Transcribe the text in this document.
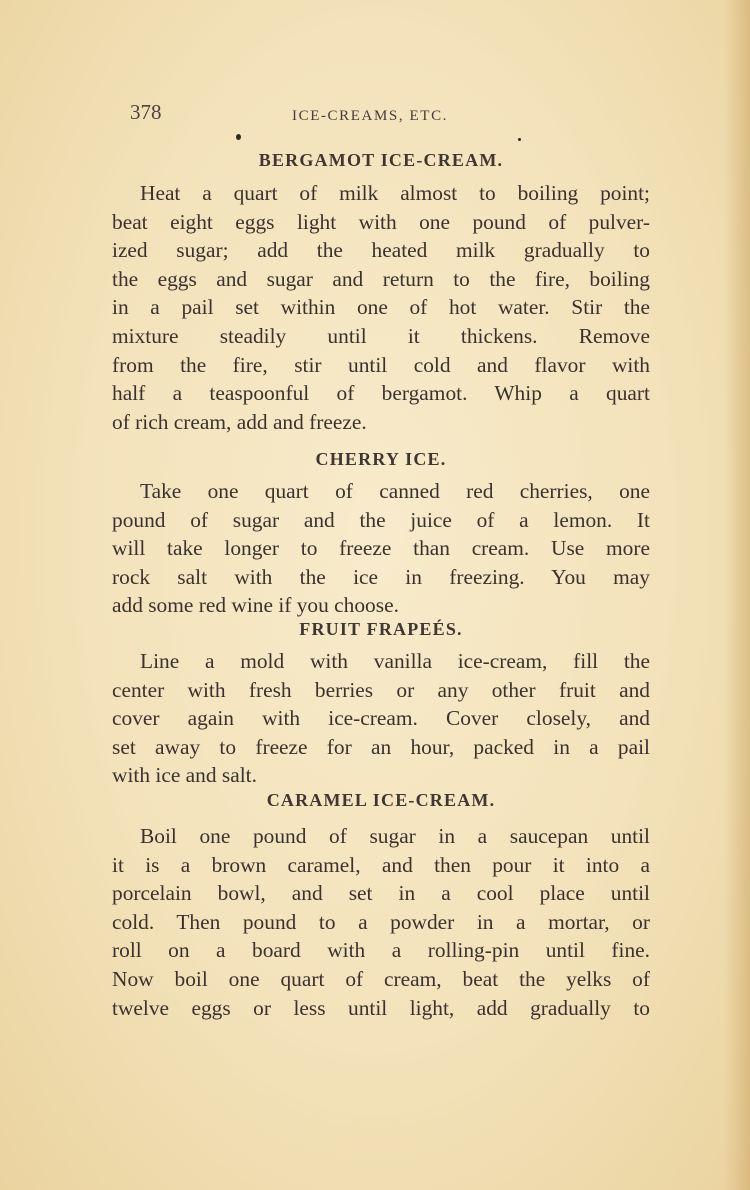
378	ICE-CREAMS, ETC.
BERGAMOT ICE-CREAM.
Heat a quart of milk almost to boiling point;
beat eight eggs light with one pound of pulver-
ized sugar; add the heated milk gradually to
the eggs and sugar and return to the fire, boiling
in a pail set within one of hot water. Stir the
mixture steadily until it thickens. Remove
from the fire, stir until cold and flavor with
half a teaspoonful of bergamot. Whip a quart
of rich cream, add and freeze.
CHERRY ICE.
Take one quart of canned red cherries, one
pound of sugar and the juice of a lemon. It
will take longer to freeze than cream. Use more
rock salt with the ice in freezing. You may
add some red wine if you choose.
FRUIT FRAPEÉS.
Line a mold with vanilla ice-cream, fill the
center with fresh berries or any other fruit and
cover again with ice-cream. Cover closely, and
set away to freeze for an hour, packed in a pail
with ice and salt.
CARAMEL ICE-CREAM.
Boil one pound of sugar in a saucepan until
it is a brown caramel, and then pour it into a
porcelain bowl, and set in a cool place until
cold. Then pound to a powder in a mortar, or
roll on a board with a rolling-pin until fine.
Now boil one quart of cream, beat the yelks of
twelve eggs or less until light, add gradually to
